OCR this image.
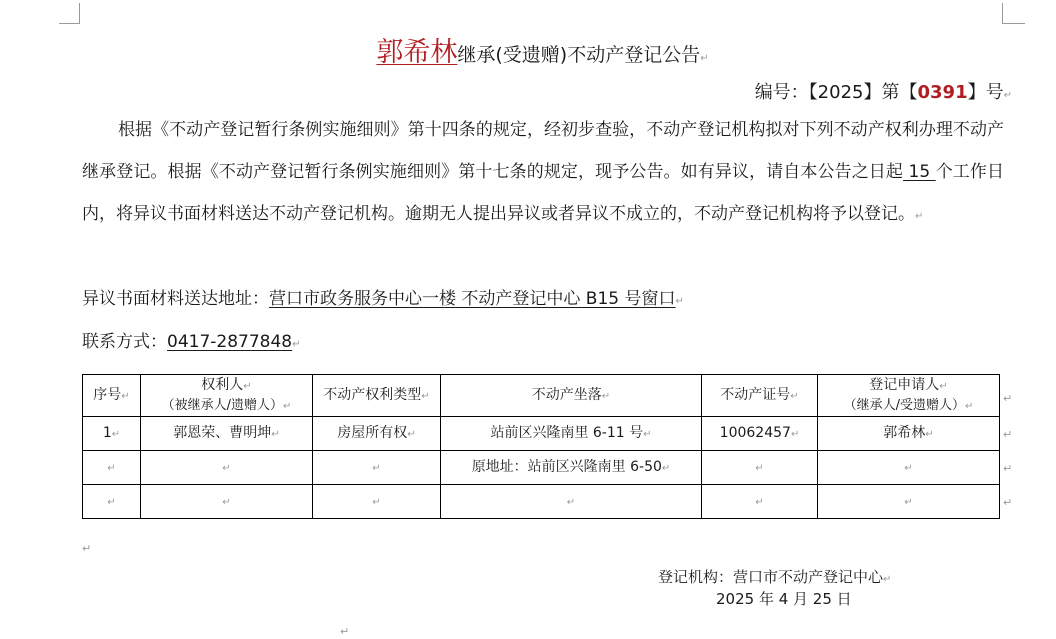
郭希林继承(受遗赠)不动产登记公告↵
编号：【2025】第【0391】号↵

根据《不动产登记暂行条例实施细则》第十四条的规定，经初步查验，不动产登记机构拟对下列不动产权利办理不动产继承登记。根据《不动产登记暂行条例实施细则》第十七条的规定，现予公告。如有异议，请自本公告之日起 15 个工作日内，将异议书面材料送达不动产登记机构。逾期无人提出异议或者异议不成立的，不动产登记机构将予以登记。↵

异议书面材料送达地址：营口市政务服务中心一楼 不动产登记中心 B15 号窗口↵
联系方式：0417-2877848↵
序号↵	权利人↵
（被继承人/遗赠人）↵	不动产权利类型↵	不动产坐落↵	不动产证号↵	登记申请人↵
（继承人/受遗赠人）↵
1↵	郭恩荣、曹明坤↵	房屋所有权↵	站前区兴隆南里 6-11 号↵	10062457↵	郭希林↵
↵	↵	↵	原地址：站前区兴隆南里 6-50↵	↵	↵
↵	↵	↵	↵	↵	↵
↵
↵
↵
↵
↵
登记机构：营口市不动产登记中心↵
2025 年 4 月 25 日
↵
